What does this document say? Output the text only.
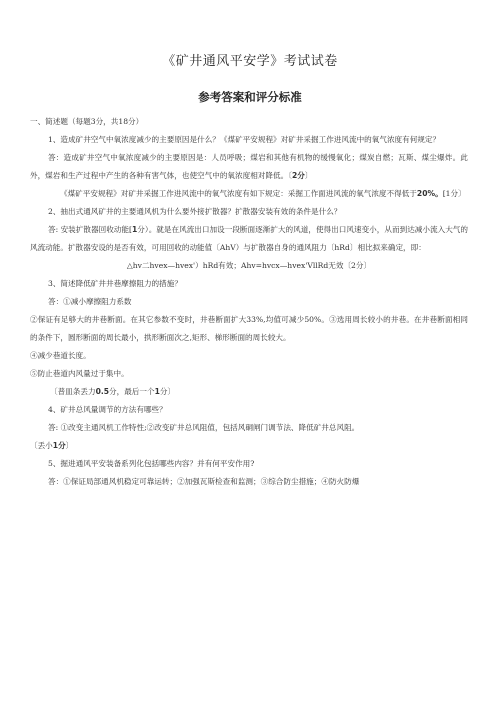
《矿井通风平安学》考试试卷
参考答案和评分标准

一、简述题（每题3分，共18分）

1、造成矿井空气中氧浓度减少的主要原因是什么？《煤矿平安规程》对矿井采掘工作进风流中的氧气浓度有何规定？

答：造成矿井空气中氧浓度减少的主要原因是：人员呼吸；煤岩和其他有机物的缓慢氧化；煤炭自燃；瓦斯、煤尘爆炸。此外，煤岩和生产过程中产生的各种有害气体，也使空气中的氧浓度相对降低。〔2分〕

《煤矿平安规程》对矿井采掘工作进风流中的氧气浓度有如下规定：采掘工作面进风流的氧气浓度不得低于20%。[1分〕

2、抽出式通风矿井的主要通风机为什么要外接扩散器？扩散器安装有效的条件是什么？

答: 安装扩散器回收动能[1分）。就是在风流出口加设一段断面逐渐扩大的风道，使得出口风速变小，从而到达减小流入大气的风流动能。扩散器安设的是否有效，可用回收的动能值〔AhV）与扩散器自身的通风阻力〔hRd〕相比拟来确定，即：

△hv二hvex—hvex'）hRd有效；Ahv=hvcx—hvex'VllRd无效〔2分〕

3、简述降低矿井井巷摩擦阻力的措施？

答：①减小摩擦阻力系数

②保证有足够大的井巷断面。在其它参数不变时，井巷断面扩大33%,均值可减少50%。③选用周长较小的井巷。在井巷断面相同的条件下，圆形断面的周长最小，拱形断面次之,矩形、梯形断面的周长较大。

④减少巷道长度。

⑤防止巷道内风量过于集中。

〔普皿条丢力0.5分，最后一个1分〕

4、矿井总风量调节的方法有哪些？

答: ①改变主通风机工作特性;②改变矿井总风阻值，包括风硐闸门调节法、降低矿井总风阻。

〔丢小1分〕

5、掘进通风平安装备系列化包括哪些内容？并有何平安作用?

答：①保证局部通风机稳定可靠运转；②加强瓦斯检查和监测；③综合防尘措施；④防火防爆
